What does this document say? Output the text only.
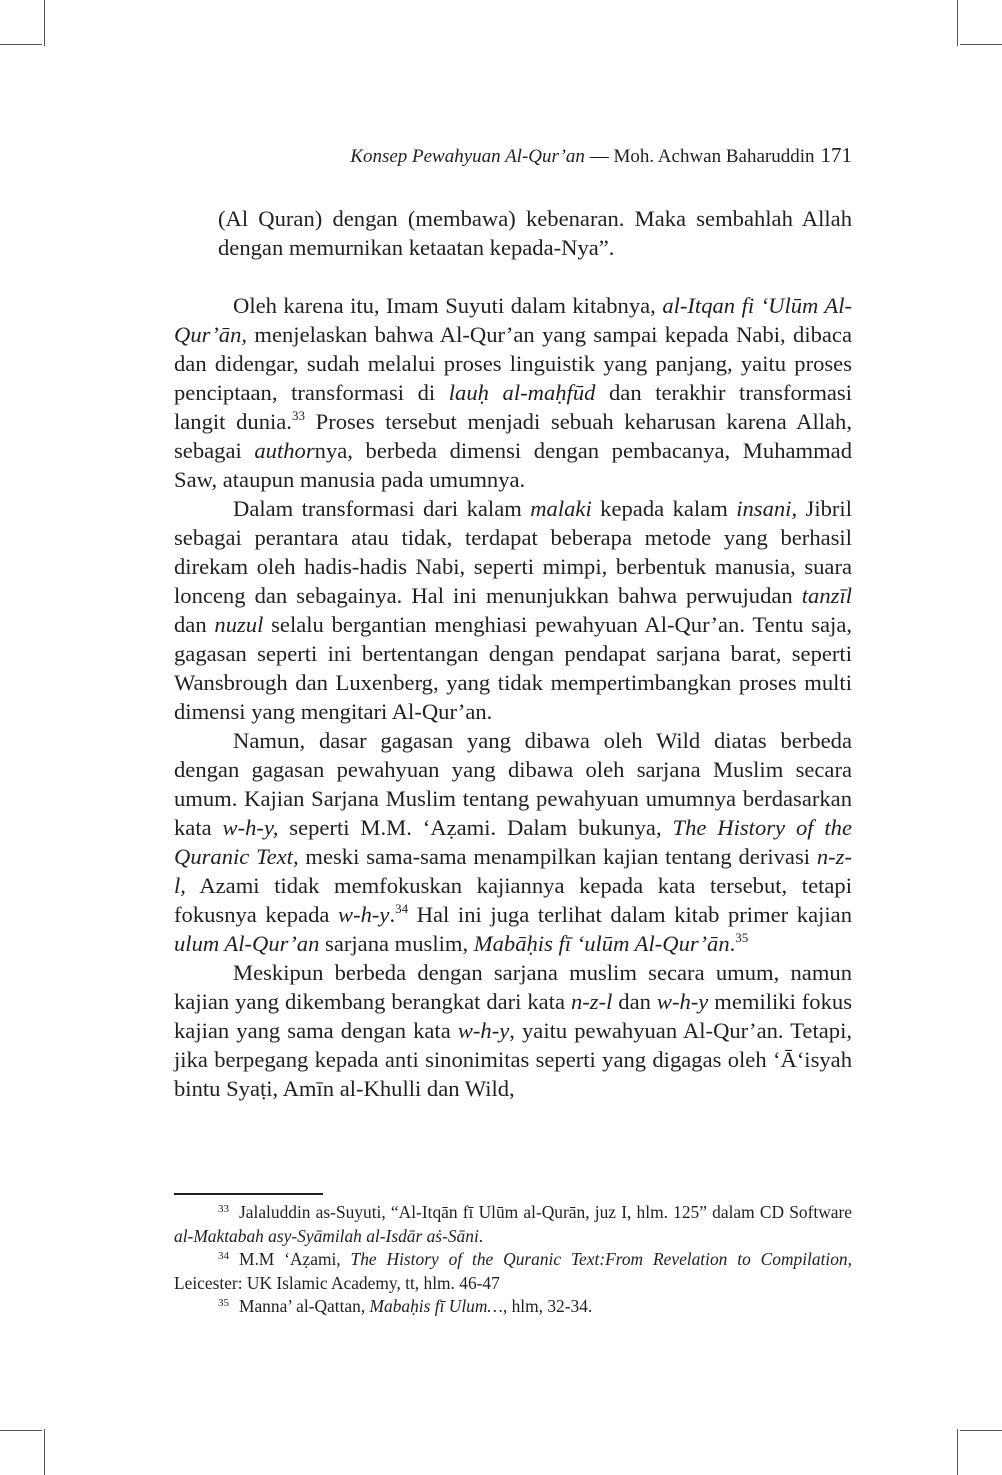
Konsep Pewahyuan Al-Qur’an — Moh. Achwan Baharuddin 171

(Al Quran) dengan (membawa) kebenaran. Maka sembahlah Allah dengan memurnikan ketaatan kepada-Nya”.

Oleh karena itu, Imam Suyuti dalam kitabnya, al-Itqan fi ‘Ulūm Al-Qur’ān, menjelaskan bahwa Al-Qur’an yang sampai kepada Nabi, dibaca dan didengar, sudah melalui proses linguistik yang panjang, yaitu proses penciptaan, transformasi di lauḥ al-maḥfūd dan terakhir transformasi langit dunia.$^{33}$ Proses tersebut menjadi sebuah keharusan karena Allah, sebagai authornya, berbeda dimensi dengan pembacanya, Muhammad Saw, ataupun manusia pada umumnya.

Dalam transformasi dari kalam malaki kepada kalam insani, Jibril sebagai perantara atau tidak, terdapat beberapa metode yang berhasil direkam oleh hadis-hadis Nabi, seperti mimpi, berbentuk manusia, suara lonceng dan sebagainya. Hal ini menunjukkan bahwa perwujudan tanzīl dan nuzul selalu bergantian menghiasi pewahyuan Al-Qur’an. Tentu saja, gagasan seperti ini bertentangan dengan pendapat sarjana barat, seperti Wansbrough dan Luxenberg, yang tidak mempertimbangkan proses multi dimensi yang mengitari Al-Qur’an.

Namun, dasar gagasan yang dibawa oleh Wild diatas berbeda dengan gagasan pewahyuan yang dibawa oleh sarjana Muslim secara umum. Kajian Sarjana Muslim tentang pewahyuan umumnya berdasarkan kata w-h-y, seperti M.M. ‘Aẓami. Dalam bukunya, The History of the Quranic Text, meski sama-sama menampilkan kajian tentang derivasi n-z-l, Azami tidak memfokuskan kajiannya kepada kata tersebut, tetapi fokusnya kepada w-h-y.$^{34}$ Hal ini juga terlihat dalam kitab primer kajian ulum Al-Qur’an sarjana muslim, Mabāḥis fī ‘ulūm Al-Qur’ān.$^{35}$

Meskipun berbeda dengan sarjana muslim secara umum, namun kajian yang dikembang berangkat dari kata n-z-l dan w-h-y memiliki fokus kajian yang sama dengan kata w-h-y, yaitu pewahyuan Al-Qur’an. Tetapi, jika berpegang kepada anti sinonimitas seperti yang digagas oleh ‘Ā‘isyah bintu Syaṭi, Amīn al-Khulli dan Wild,

$^{33}$ Jalaluddin as-Suyuti, “Al-Itqān fī Ulūm al-Qurān, juz I, hlm. 125” dalam CD Software al-Maktabah asy-Syāmilah al-Isdār aṡ-Sāni.

$^{34}$ M.M ‘Aẓami, The History of the Quranic Text:From Revelation to Compilation, Leicester: UK Islamic Academy, tt, hlm. 46-47

$^{35}$ Manna’ al-Qattan, Mabaḥis fī Ulum…, hlm, 32-34.
